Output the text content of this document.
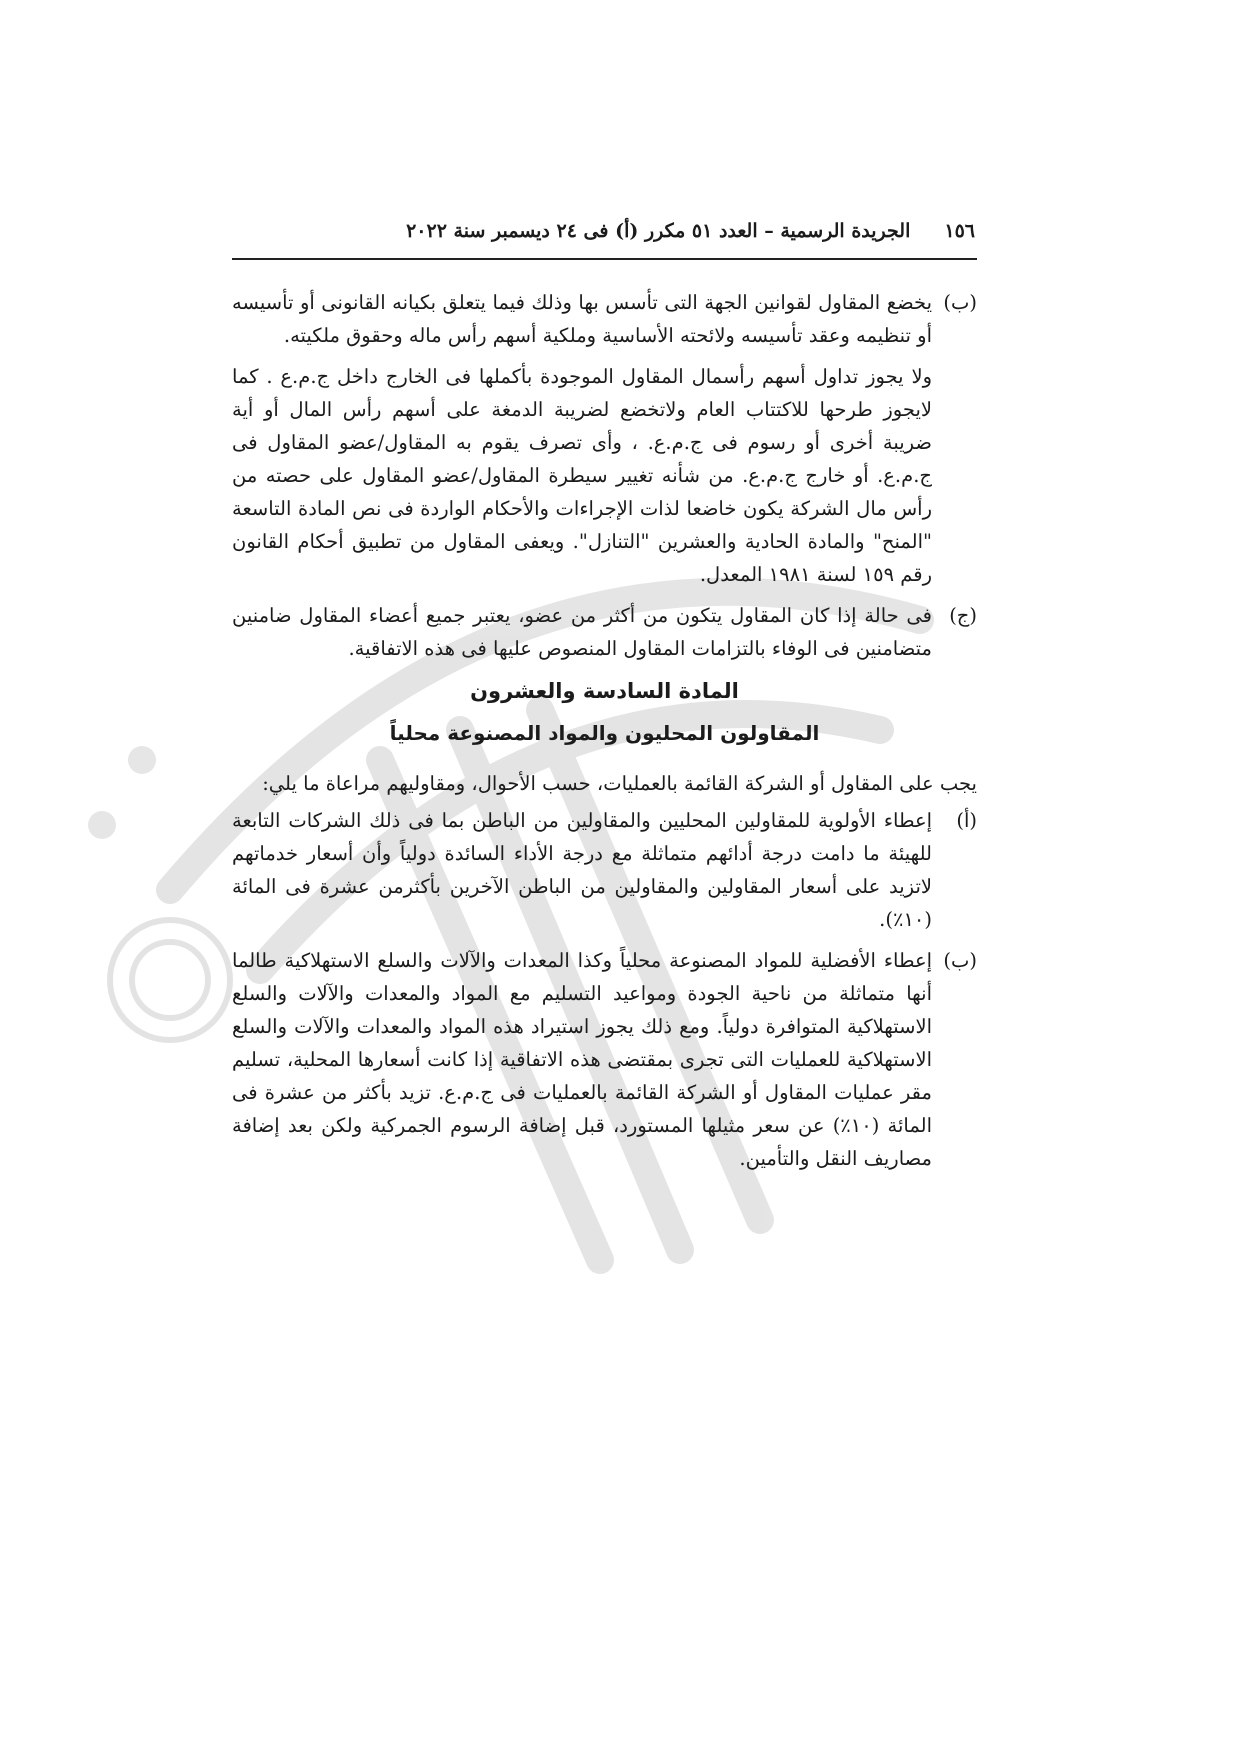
١٥٦
الجريدة الرسمية – العدد ٥١ مكرر (أ) فى ٢٤ ديسمبر سنة ٢٠٢٢
(ب)

يخضع المقاول لقوانين الجهة التى تأسس بها وذلك فيما يتعلق بكيانه القانونى أو تأسيسه أو تنظيمه وعقد تأسيسه ولائحته الأساسية وملكية أسهم رأس ماله وحقوق ملكيته.

ولا يجوز تداول أسهم رأسمال المقاول الموجودة بأكملها فى الخارج داخل ج.م.ع . كما لايجوز طرحها للاكتتاب العام ولاتخضع لضريبة الدمغة على أسهم رأس المال أو أية ضريبة أخرى أو رسوم فى ج.م.ع. ، وأى تصرف يقوم به المقاول/عضو المقاول فى ج.م.ع. أو خارج ج.م.ع. من شأنه تغيير سيطرة المقاول/عضو المقاول على حصته من رأس مال الشركة يكون خاضعا لذات الإجراءات والأحكام الواردة فى نص المادة التاسعة "المنح" والمادة الحادية والعشرين "التنازل". ويعفى المقاول من تطبيق أحكام القانون رقم ١٥٩ لسنة ١٩٨١ المعدل.

(ج)

فى حالة إذا كان المقاول يتكون من أكثر من عضو، يعتبر جميع أعضاء المقاول ضامنين متضامنين فى الوفاء بالتزامات المقاول المنصوص عليها فى هذه الاتفاقية.

المادة السادسة والعشرون
المقاولون المحليون والمواد المصنوعة محلياً

يجب على المقاول أو الشركة القائمة بالعمليات، حسب الأحوال، ومقاوليهم مراعاة ما يلي:

(أ)

إعطاء الأولوية للمقاولين المحليين والمقاولين من الباطن بما فى ذلك الشركات التابعة للهيئة ما دامت درجة أدائهم متماثلة مع درجة الأداء السائدة دولياً وأن أسعار خدماتهم لاتزيد على أسعار المقاولين والمقاولين من الباطن الآخرين بأكثرمن عشرة فى المائة (١٠٪).

(ب)

إعطاء الأفضلية للمواد المصنوعة محلياً وكذا المعدات والآلات والسلع الاستهلاكية طالما أنها متماثلة من ناحية الجودة ومواعيد التسليم مع المواد والمعدات والآلات والسلع الاستهلاكية المتوافرة دولياً. ومع ذلك يجوز استيراد هذه المواد والمعدات والآلات والسلع الاستهلاكية للعمليات التى تجرى بمقتضى هذه الاتفاقية إذا كانت أسعارها المحلية، تسليم مقر عمليات المقاول أو الشركة القائمة بالعمليات فى ج.م.ع. تزيد بأكثر من عشرة فى المائة (١٠٪) عن سعر مثيلها المستورد، قبل إضافة الرسوم الجمركية ولكن بعد إضافة مصاريف النقل والتأمين.
